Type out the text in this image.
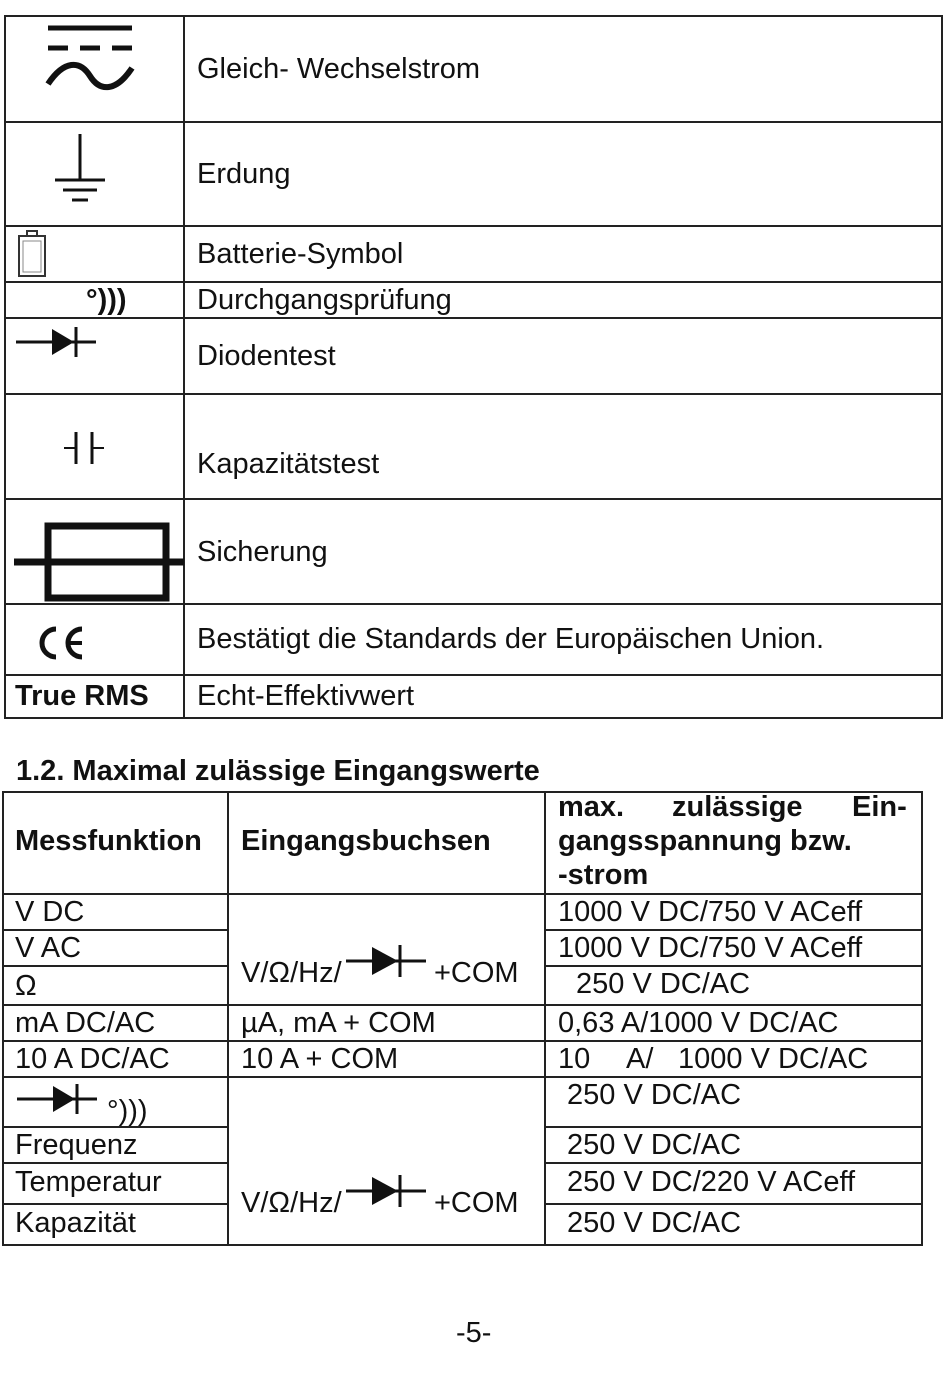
Gleich- Wechselstrom
Erdung
Batterie-Symbol
°))) Durchgangsprüfung
Diodentest
Kapazitätstest
Sicherung
Bestätigt die Standards der Europäischen Union.
True RMS Echt-Effektivwert
1.2. Maximal zulässige Eingangswerte
Messfunktion Eingangsbuchsen
max. zulässige Ein-
gangsspannung bzw.
-strom
V DC
V AC
Ω
mA DC/AC
10 A DC/AC
°)))
Frequenz
Temperatur
Kapazität
V/Ω/Hz/	+COM
µA, mA + COM
10 A + COM
V/Ω/Hz/	+COM
1000 V DC/750 V ACeff
1000 V DC/750 V ACeff
250 V DC/AC
0,63 A/1000 V DC/AC
10 A/ 1000 V DC/AC
250 V DC/AC
250 V DC/AC
250 V DC/220 V ACeff
250 V DC/AC
-5-
